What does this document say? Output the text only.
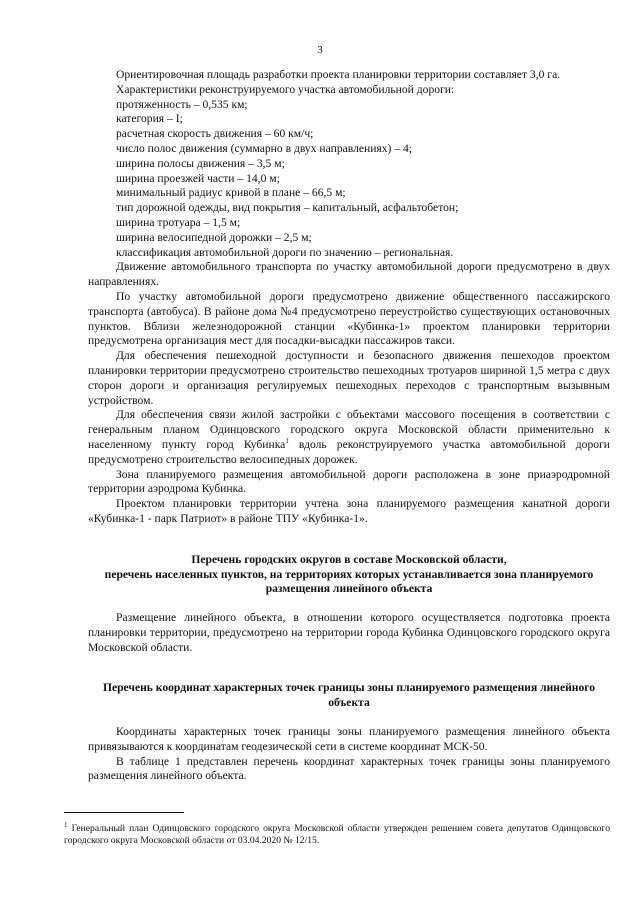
3

Ориентировочная площадь разработки проекта планировки территории составляет 3,0 га.

Характеристики реконструируемого участка автомобильной дороги:

протяженность – 0,535 км;

категория – I;

расчетная скорость движения – 60 км/ч;

число полос движения (суммарно в двух направлениях) – 4;

ширина полосы движения – 3,5 м;

ширина проезжей части – 14,0 м;

минимальный радиус кривой в плане – 66,5 м;

тип дорожной одежды, вид покрытия – капитальный, асфальтобетон;

ширина тротуара – 1,5 м;

ширина велосипедной дорожки – 2,5 м;

классификация автомобильной дороги по значению – региональная.

Движение автомобильного транспорта по участку автомобильной дороги предусмотрено в двух направлениях.

По участку автомобильной дороги предусмотрено движение общественного пассажирского транспорта (автобуса). В районе дома №4 предусмотрено переустройство существующих остановочных пунктов. Вблизи железнодорожной станции «Кубинка-1» проектом планировки территории предусмотрена организация мест для посадки-высадки пассажиров такси.

Для обеспечения пешеходной доступности и безопасного движения пешеходов проектом планировки территории предусмотрено строительство пешеходных тротуаров шириной 1,5 метра с двух сторон дороги и организация регулируемых пешеходных переходов с транспортным вызывным устройством.

Для обеспечения связи жилой застройки с объектами массового посещения в соответствии с генеральным планом Одинцовского городского округа Московской области применительно к населенному пункту город Кубинка$^1$ вдоль реконструируемого участка автомобильной дороги предусмотрено строительство велосипедных дорожек.

Зона планируемого размещения автомобильной дороги расположена в зоне приаэродромной территории аэродрома Кубинка.

Проектом планировки территории учтена зона планируемого размещения канатной дороги «Кубинка-1 - парк Патриот» в районе ТПУ «Кубинка-1».

Перечень городских округов в составе Московской области,
перечень населенных пунктов, на территориях которых устанавливается зона планируемого размещения линейного объекта

Размещение линейного объекта, в отношении которого осуществляется подготовка проекта планировки территории, предусмотрено на территории города Кубинка Одинцовского городского округа Московской области.

Перечень координат характерных точек границы зоны планируемого размещения линейного объекта

Координаты характерных точек границы зоны планируемого размещения линейного объекта привязываются к координатам геодезической сети в системе координат МСК-50.

В таблице 1 представлен перечень координат характерных точек границы зоны планируемого размещения линейного объекта.

$^1$ Генеральный план Одинцовского городского округа Московской области утвержден решением совета депутатов Одинцовского городского округа Московской области от 03.04.2020 № 12/15.
